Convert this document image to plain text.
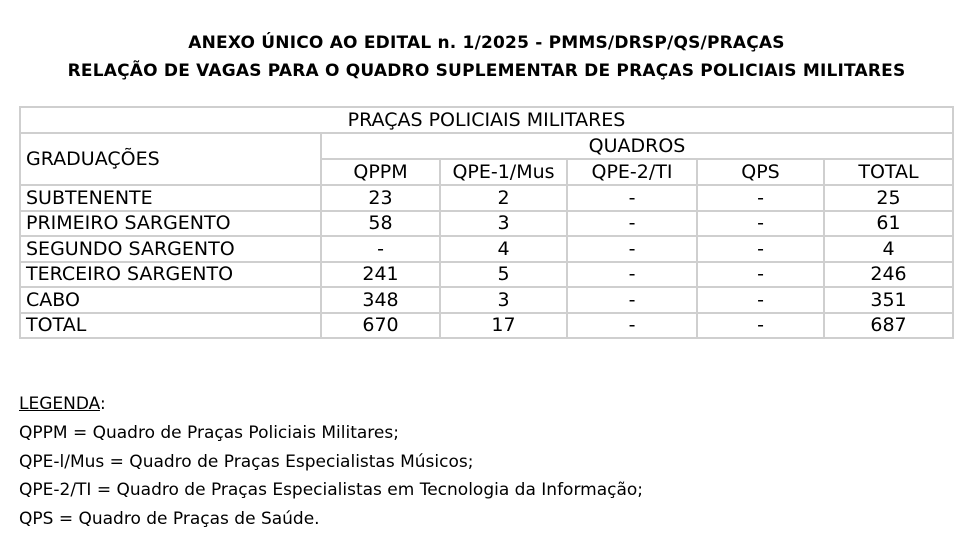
ANEXO ÚNICO AO EDITAL n. 1/2025 - PMMS/DRSP/QS/PRAÇAS
RELAÇÃO DE VAGAS PARA O QUADRO SUPLEMENTAR DE PRAÇAS POLICIAIS MILITARES
PRAÇAS POLICIAIS MILITARES					
GRADUAÇÕES	QUADROS				
	QPPM	QPE-1/Mus	QPE-2/TI	QPS	TOTAL
SUBTENENTE	23	2	-	-	25
PRIMEIRO SARGENTO	58	3	-	-	61
SEGUNDO SARGENTO	-	4	-	-	4
TERCEIRO SARGENTO	241	5	-	-	246
CABO	348	3	-	-	351
TOTAL	670	17	-	-	687
LEGENDA:
QPPM = Quadro de Praças Policiais Militares;
QPE-l/Mus = Quadro de Praças Especialistas Músicos;
QPE-2/TI = Quadro de Praças Especialistas em Tecnologia da Informação;
QPS = Quadro de Praças de Saúde.
